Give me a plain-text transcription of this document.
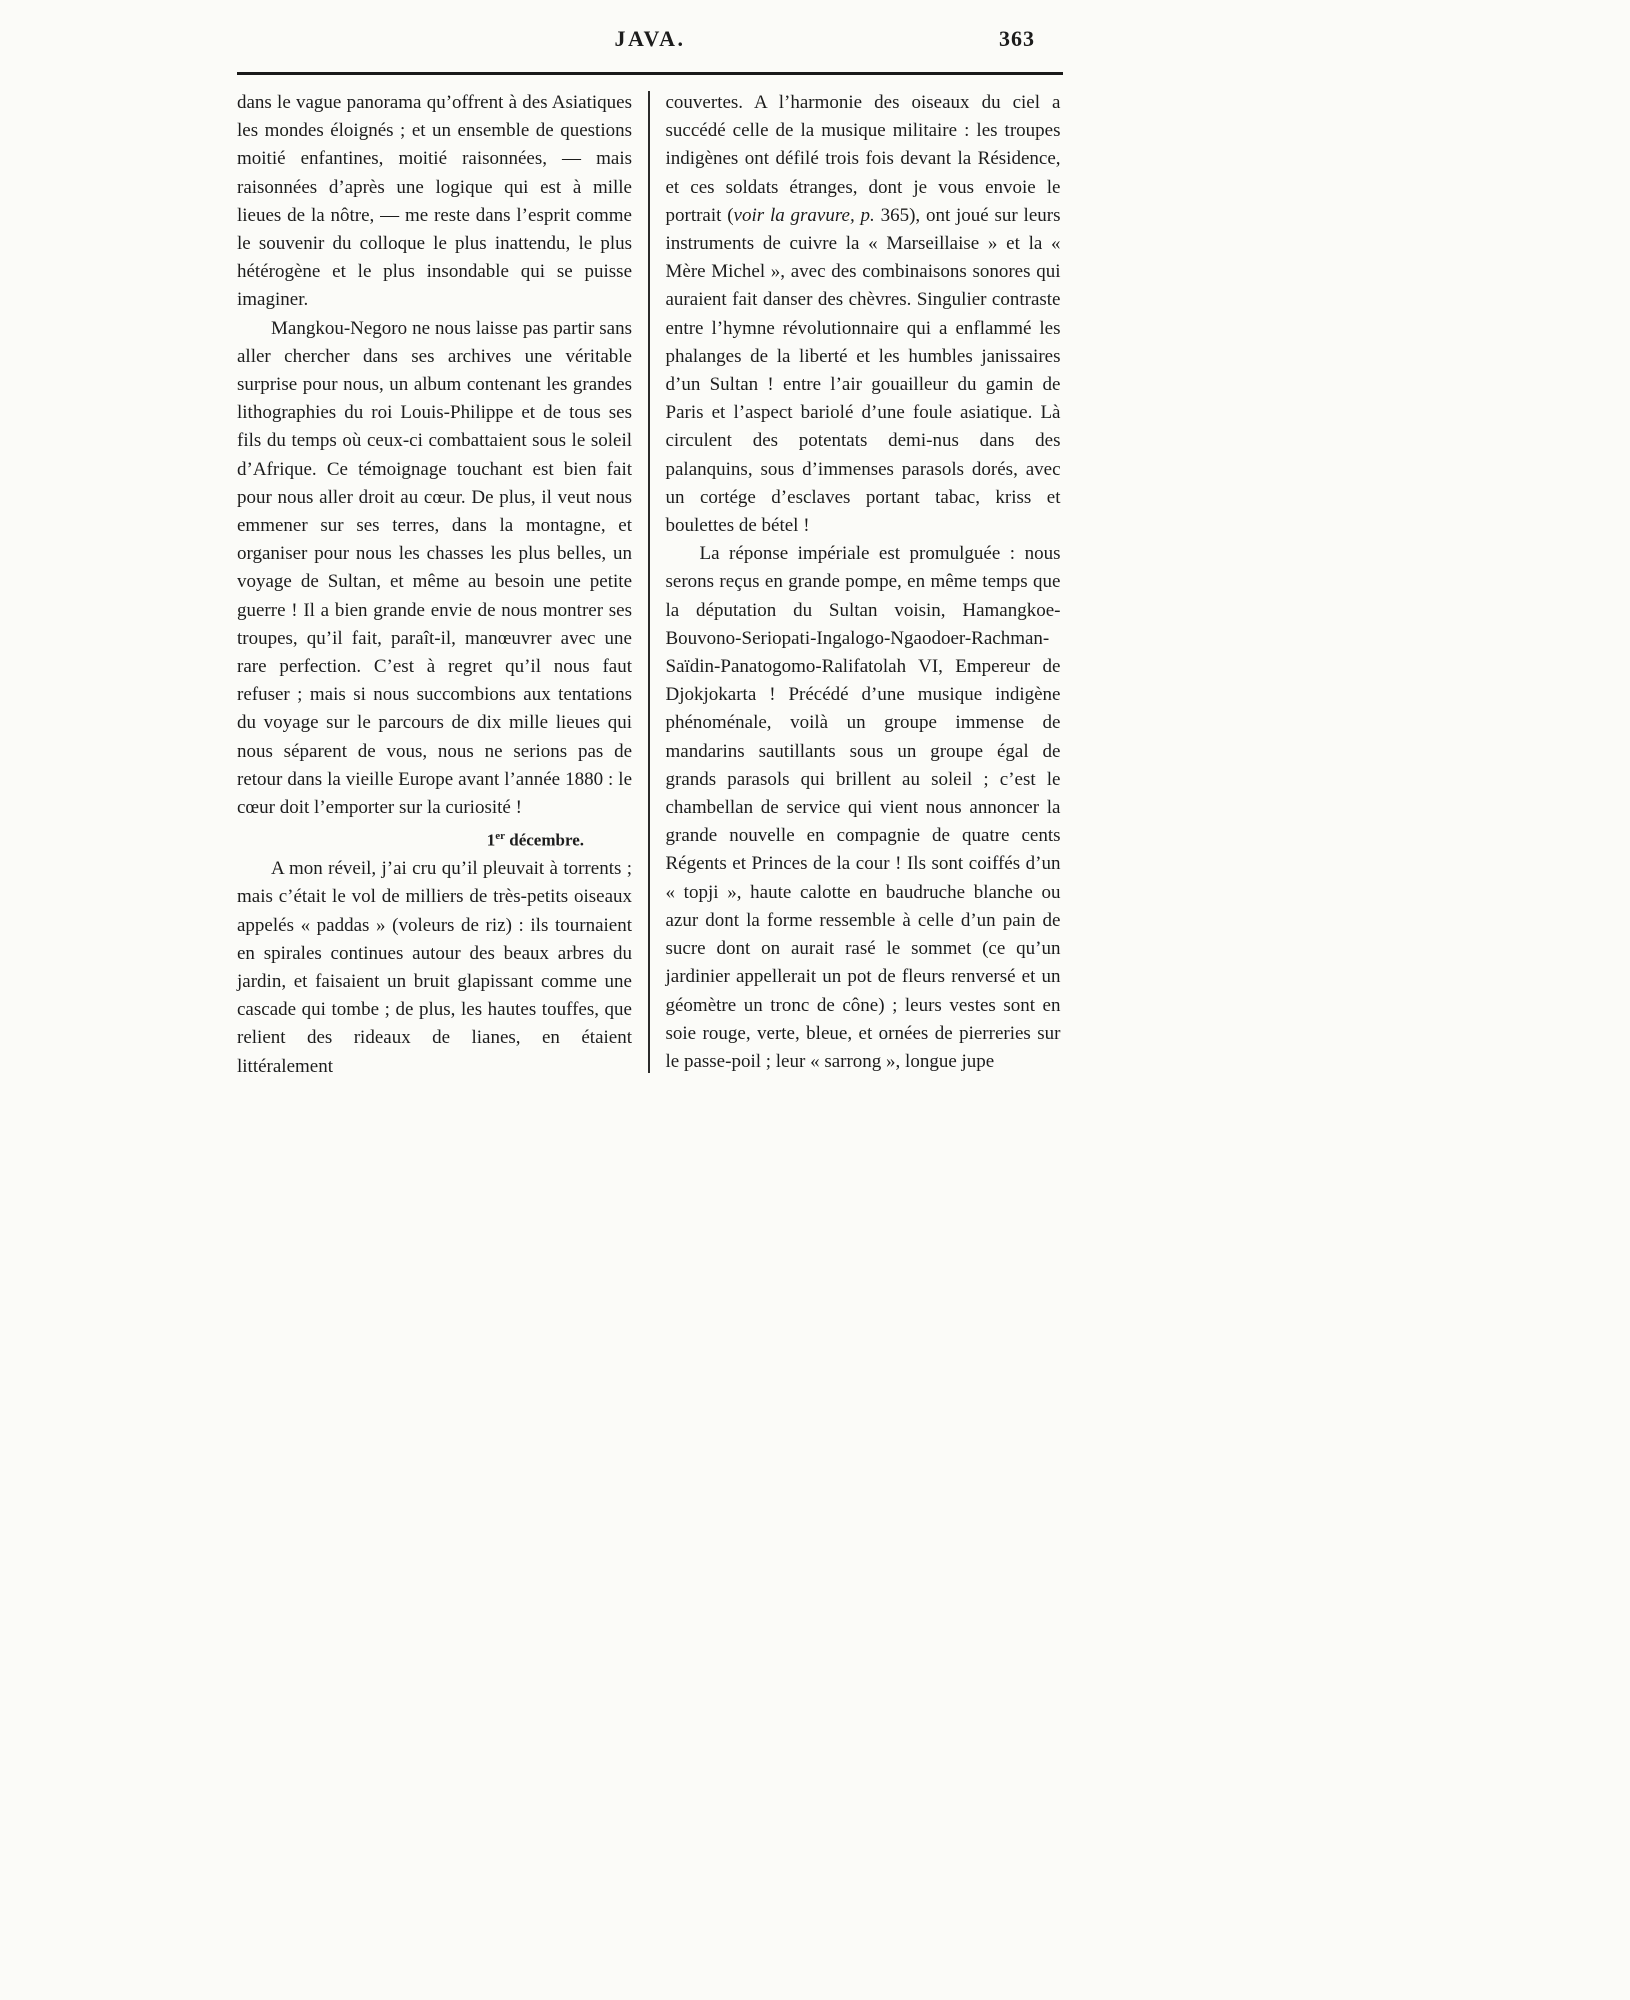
JAVA.	363

dans le vague panorama qu’offrent à des Asiatiques les mondes éloignés ; et un ensemble de questions moitié enfantines, moitié raisonnées, — mais raisonnées d’après une logique qui est à mille lieues de la nôtre, — me reste dans l’esprit comme le souvenir du colloque le plus inattendu, le plus hétérogène et le plus insondable qui se puisse imaginer.

Mangkou-Negoro ne nous laisse pas partir sans aller chercher dans ses archives une véritable surprise pour nous, un album contenant les grandes lithographies du roi Louis-Philippe et de tous ses fils du temps où ceux-ci combattaient sous le soleil d’Afrique. Ce témoignage touchant est bien fait pour nous aller droit au cœur. De plus, il veut nous emmener sur ses terres, dans la montagne, et organiser pour nous les chasses les plus belles, un voyage de Sultan, et même au besoin une petite guerre ! Il a bien grande envie de nous montrer ses troupes, qu’il fait, paraît-il, manœuvrer avec une rare perfection. C’est à regret qu’il nous faut refuser ; mais si nous succombions aux tentations du voyage sur le parcours de dix mille lieues qui nous séparent de vous, nous ne serions pas de retour dans la vieille Europe avant l’année 1880 : le cœur doit l’emporter sur la curiosité !

1er décembre.

A mon réveil, j’ai cru qu’il pleuvait à torrents ; mais c’était le vol de milliers de très-petits oiseaux appelés « paddas » (voleurs de riz) : ils tournaient en spirales continues autour des beaux arbres du jardin, et faisaient un bruit glapissant comme une cascade qui tombe ; de plus, les hautes touffes, que relient des rideaux de lianes, en étaient littéralement

couvertes. A l’harmonie des oiseaux du ciel a succédé celle de la musique militaire : les troupes indigènes ont défilé trois fois devant la Résidence, et ces soldats étranges, dont je vous envoie le portrait (voir la gravure, p. 365), ont joué sur leurs instruments de cuivre la « Marseillaise » et la « Mère Michel », avec des combinaisons sonores qui auraient fait danser des chèvres. Singulier contraste entre l’hymne révolutionnaire qui a enflammé les phalanges de la liberté et les humbles janissaires d’un Sultan ! entre l’air gouailleur du gamin de Paris et l’aspect bariolé d’une foule asiatique. Là circulent des potentats demi-nus dans des palanquins, sous d’immenses parasols dorés, avec un cortége d’esclaves portant tabac, kriss et boulettes de bétel !

La réponse impériale est promulguée : nous serons reçus en grande pompe, en même temps que la députation du Sultan voisin, Hamangkoe-Bouvono-Seriopati-Ingalogo-Ngaodoer-Rachman-Saïdin-Panatogomo-Ralifatolah VI, Empereur de Djokjokarta ! Précédé d’une musique indigène phénoménale, voilà un groupe immense de mandarins sautillants sous un groupe égal de grands parasols qui brillent au soleil ; c’est le chambellan de service qui vient nous annoncer la grande nouvelle en compagnie de quatre cents Régents et Princes de la cour ! Ils sont coiffés d’un « topji », haute calotte en baudruche blanche ou azur dont la forme ressemble à celle d’un pain de sucre dont on aurait rasé le sommet (ce qu’un jardinier appellerait un pot de fleurs renversé et un géomètre un tronc de cône) ; leurs vestes sont en soie rouge, verte, bleue, et ornées de pierreries sur le passe-poil ; leur « sarrong », longue jupe
